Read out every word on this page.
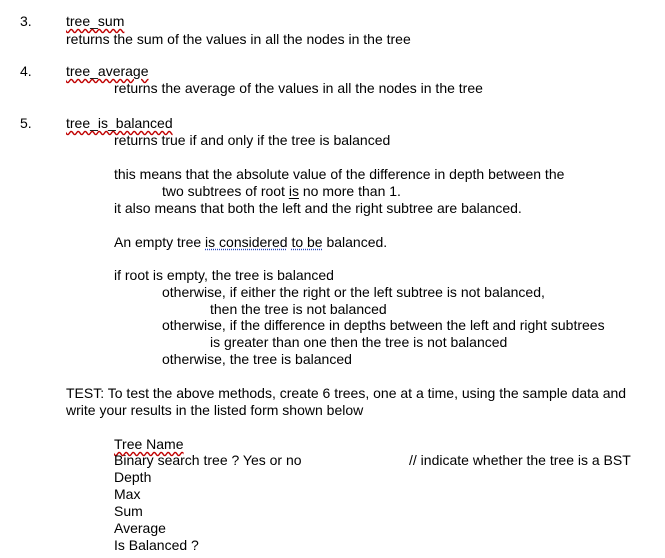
3. tree_sum
returns the sum of the values in all the nodes in the tree
4. tree_average
returns the average of the values in all the nodes in the tree
5. tree_is_balanced
returns true if and only if the tree is balanced
this means that the absolute value of the difference in depth between the
two subtrees of root is no more than 1.
it also means that both the left and the right subtree are balanced.
An empty tree is considered to be balanced.
if root is empty, the tree is balanced
otherwise, if either the right or the left subtree is not balanced,
then the tree is not balanced
otherwise, if the difference in depths between the left and right subtrees
is greater than one then the tree is not balanced
otherwise, the tree is balanced
TEST: To test the above methods, create 6 trees, one at a time, using the sample data and
write your results in the listed form shown below
Tree Name
Binary search tree ? Yes or no	// indicate whether the tree is a BST
Depth
Max
Sum
Average
Is Balanced ?
